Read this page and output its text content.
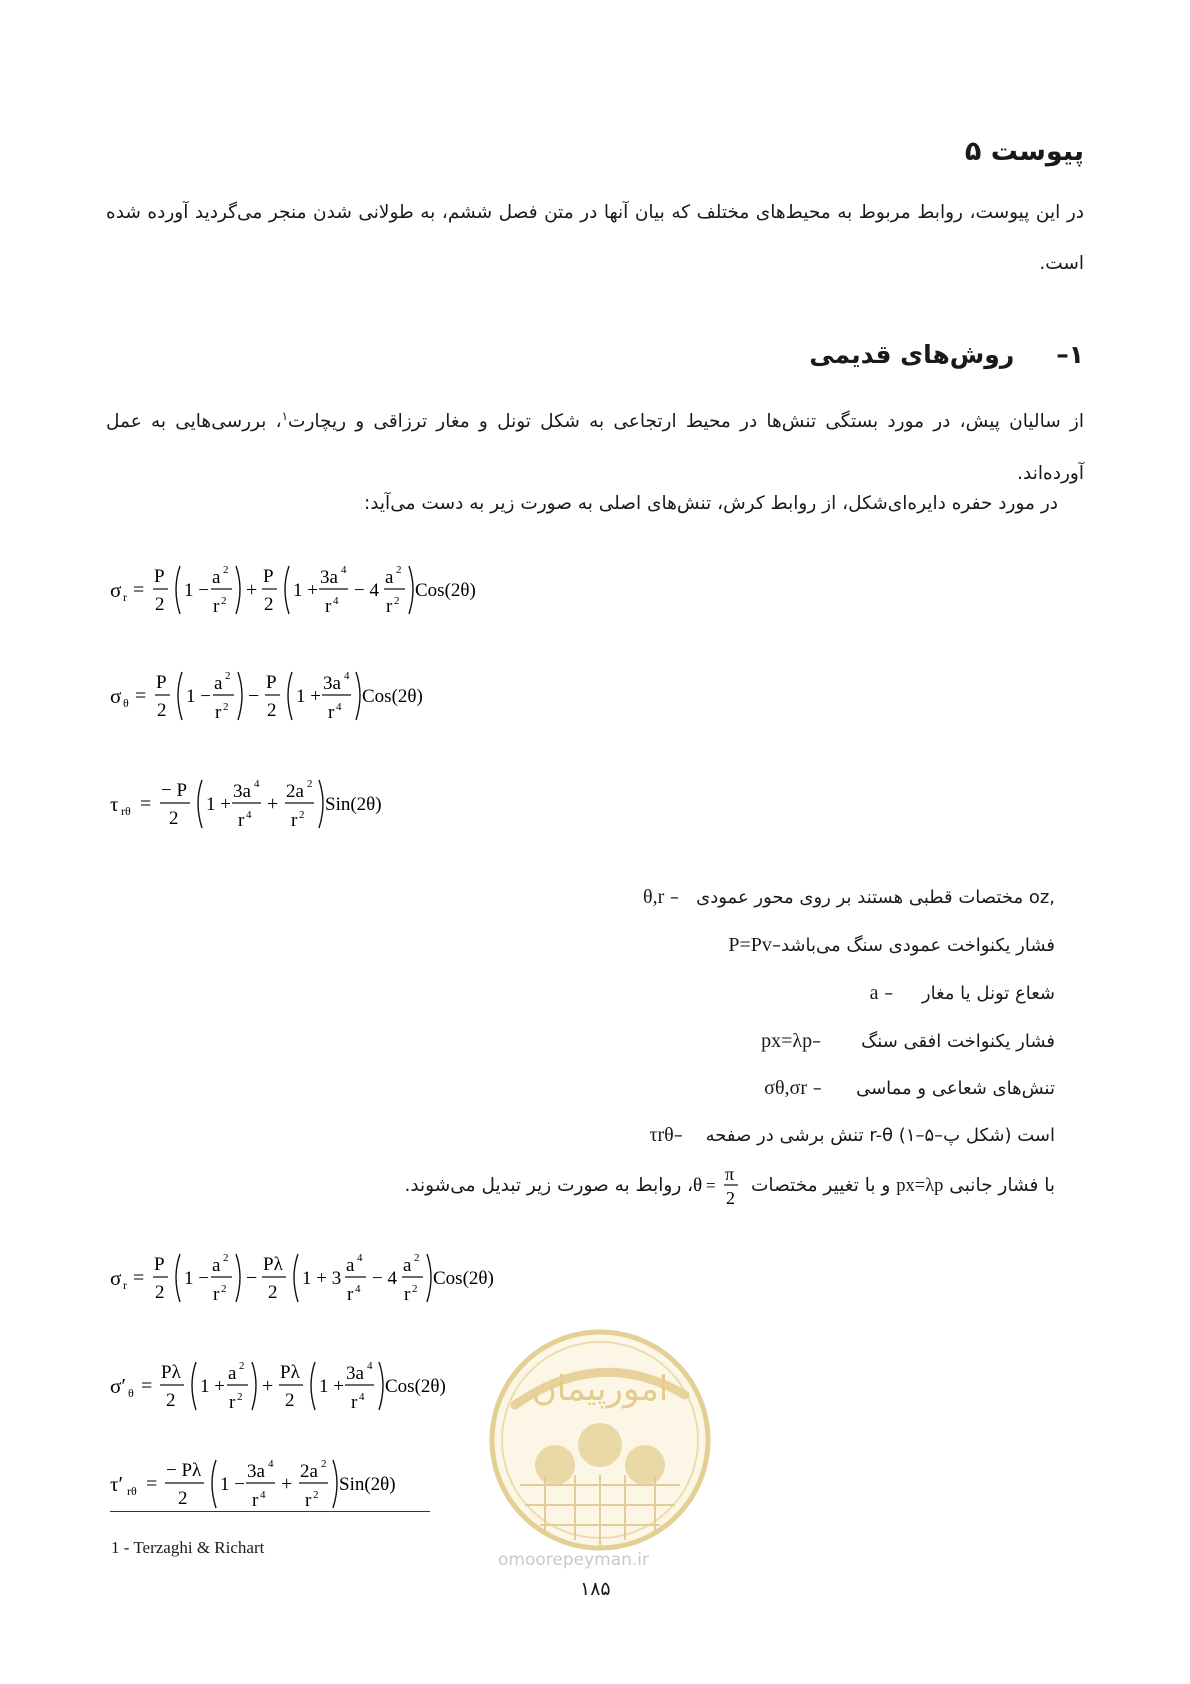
پیوست ۵

در این پیوست، روابط مربوط به محیط‌های مختلف که بیان آنها در متن فصل ششم، به طولانی شدن منجر می‌گردید آورده شده است.

۱–روش‌های قدیمی

از سالیان پیش، در مورد بستگی تنش‌ها در محیط ارتجاعی به شکل تونل و مغار ترزاقی و ریچارت$^۱$، بررسی‌هایی به عمل آورده‌اند.

در مورد حفره دایره‌ای‌شکل، از روابط کرش، تنش‌های اصلی به صورت زیر به دست می‌آید:

σ r =
P
2
1 −
a 2
r 2 +
P
2
1 +
3a 4
r 4 − 4
a 2
r 2 Cos(2θ)
σ θ =
P
2
1 −
a 2
r 2 −
P
2
1 +
3a 4
r 4 Cos(2θ)
τ rθ =
− P
2
1 +
3a 4
r 4 +
2a 2
r 2 Sin(2θ)

θ,r – مختصات قطبی هستند بر روی محور عمودی oz,

P=Pv–فشار یکنواخت عمودی سنگ می‌باشد

a – شعاع تونل یا مغار

px=λp– فشار یکنواخت افقی سنگ

σθ,σr – تنش‌های شعاعی و مماسی

τrθ– تنش برشی در صفحه r-θ است (شکل پ–۵–۱)

با فشار جانبی px=λp و با تغییر مختصات
θ =
π
2
، روابط به صورت زیر تبدیل می‌شوند.

σ r =
P
2
1 −
a 2
r 2 −
Pλ
2
1 + 3
a 4
r 4 − 4
a 2
r 2 Cos(2θ)
امورپیمان

omoorepeyman.ir

σ′ θ =
Pλ
2
1 +
a 2
r 2 +
Pλ
2
1 +
3a 4
r 4 Cos(2θ)
τ′ rθ =
− Pλ
2
1 −
3a 4
r 4 +
2a 2
r 2 Sin(2θ)

1 - Terzaghi & Richart

۱۸۵
